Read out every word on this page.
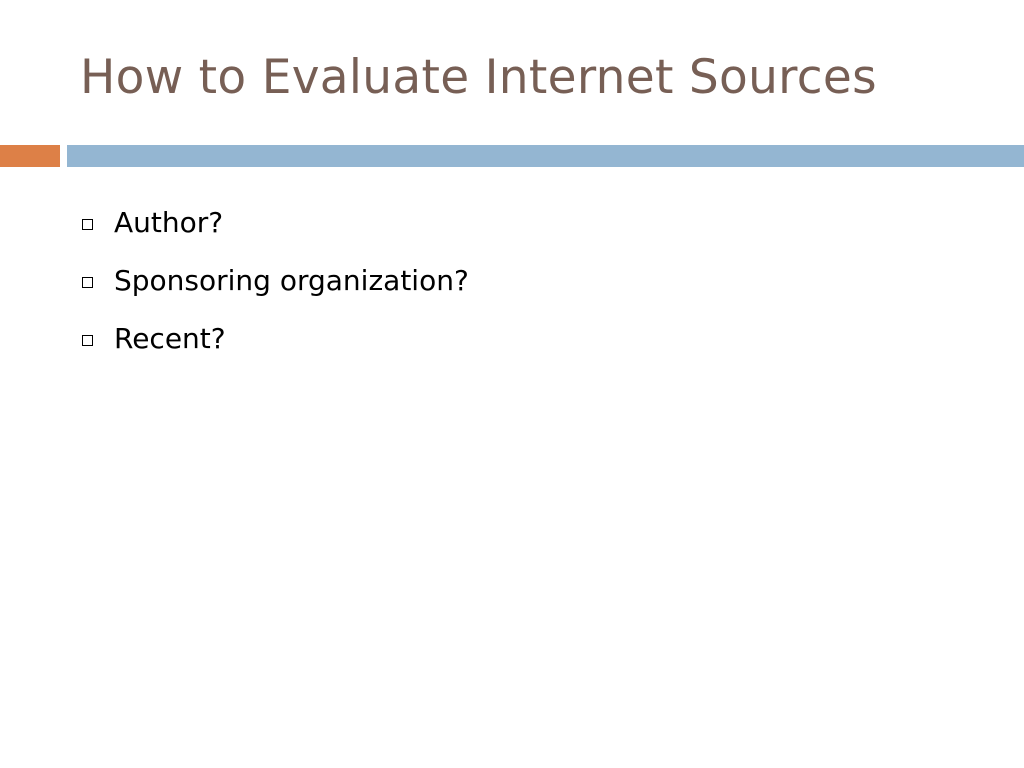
How to Evaluate Internet Sources
Author?
Sponsoring organization?
Recent?
